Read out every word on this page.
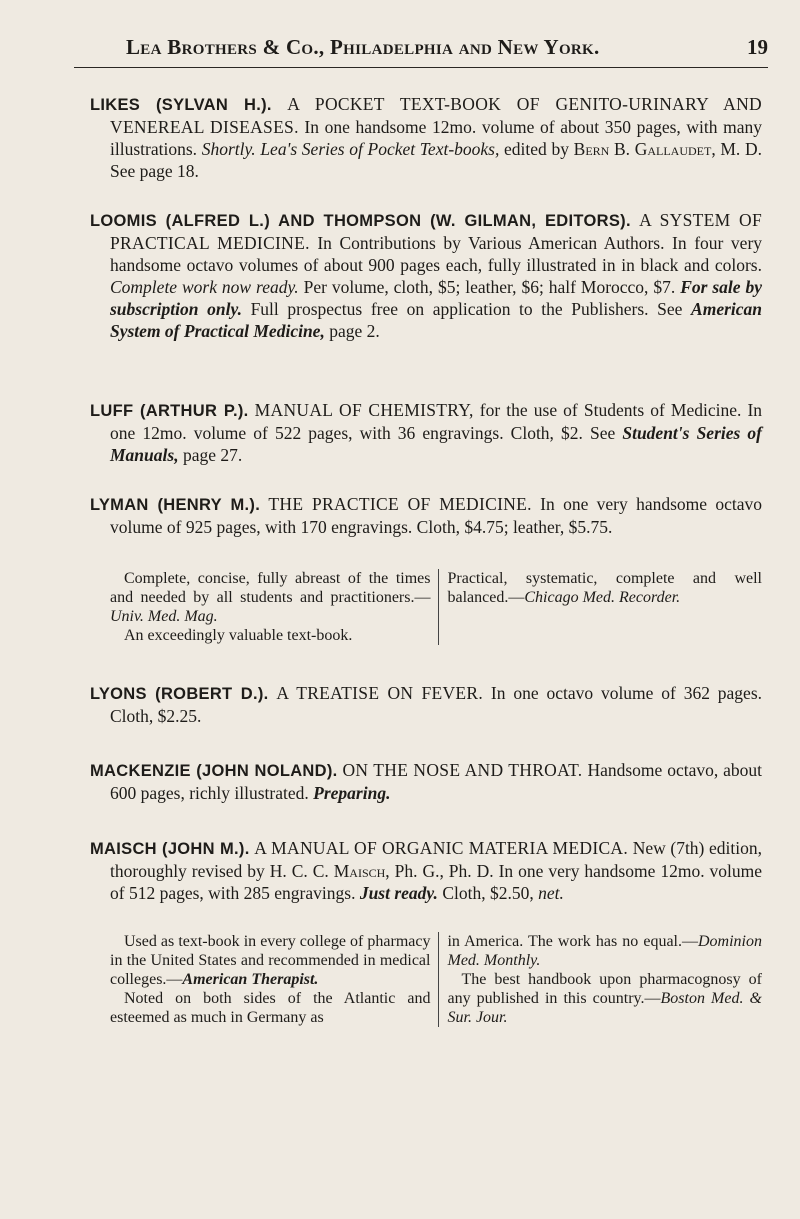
Lea Brothers & Co., Philadelphia and New York.	19

LIKES (SYLVAN H.). A POCKET TEXT-BOOK OF GENITO-URINARY AND VENEREAL DISEASES. In one handsome 12mo. volume of about 350 pages, with many illustrations. Shortly. Lea's Series of Pocket Text-books, edited by Bern B. Gallaudet, M. D. See page 18.

LOOMIS (ALFRED L.) AND THOMPSON (W. GILMAN, EDITORS). A SYSTEM OF PRACTICAL MEDICINE. In Contributions by Various American Authors. In four very handsome octavo volumes of about 900 pages each, fully illustrated in in black and colors. Complete work now ready. Per volume, cloth, $5; leather, $6; half Morocco, $7. For sale by subscription only. Full prospectus free on application to the Publishers. See American System of Practical Medicine, page 2.

LUFF (ARTHUR P.). MANUAL OF CHEMISTRY, for the use of Students of Medicine. In one 12mo. volume of 522 pages, with 36 engravings. Cloth, $2. See Student's Series of Manuals, page 27.

LYMAN (HENRY M.). THE PRACTICE OF MEDICINE. In one very handsome octavo volume of 925 pages, with 170 engravings. Cloth, $4.75; leather, $5.75.

Complete, concise, fully abreast of the times and needed by all students and practitioners.—Univ. Med. Mag.

An exceedingly valuable text-book.

Practical, systematic, complete and well balanced.—Chicago Med. Recorder.

LYONS (ROBERT D.). A TREATISE ON FEVER. In one octavo volume of 362 pages. Cloth, $2.25.

MACKENZIE (JOHN NOLAND). ON THE NOSE AND THROAT. Handsome octavo, about 600 pages, richly illustrated. Preparing.

MAISCH (JOHN M.). A MANUAL OF ORGANIC MATERIA MEDICA. New (7th) edition, thoroughly revised by H. C. C. Maisch, Ph. G., Ph. D. In one very handsome 12mo. volume of 512 pages, with 285 engravings. Just ready. Cloth, $2.50, net.

Used as text-book in every college of pharmacy in the United States and recommended in medical colleges.—American Therapist.

Noted on both sides of the Atlantic and esteemed as much in Germany as

in America. The work has no equal.—Dominion Med. Monthly.

The best handbook upon pharmacognosy of any published in this country.—Boston Med. & Sur. Jour.
